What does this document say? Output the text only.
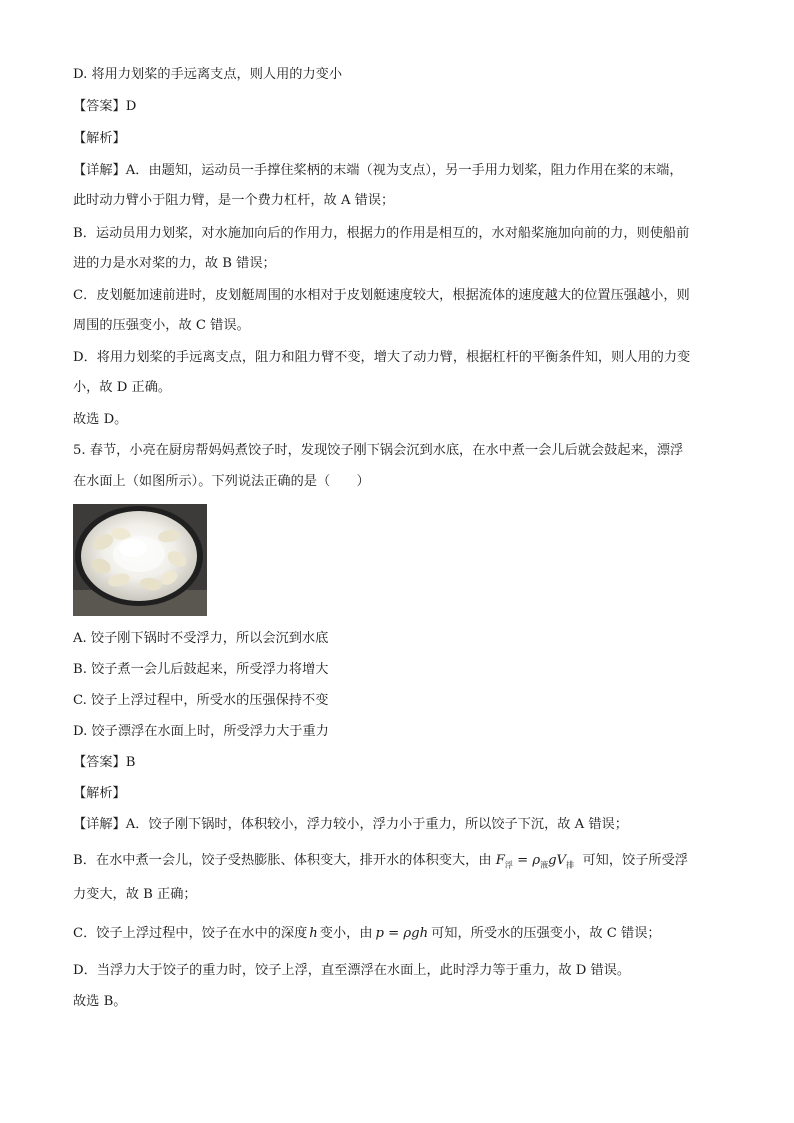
D. 将用力划桨的手远离支点，则人用的力变小
【答案】D
【解析】
【详解】A．由题知，运动员一手撑住桨柄的末端（视为支点），另一手用力划桨，阻力作用在桨的末端，
此时动力臂小于阻力臂，是一个费力杠杆，故 A 错误；
B．运动员用力划桨，对水施加向后的作用力，根据力的作用是相互的，水对船桨施加向前的力，则使船前
进的力是水对桨的力，故 B 错误；
C．皮划艇加速前进时，皮划艇周围的水相对于皮划艇速度较大，根据流体的速度越大的位置压强越小，则
周围的压强变小，故 C 错误。
D．将用力划桨的手远离支点，阻力和阻力臂不变，增大了动力臂，根据杠杆的平衡条件知，则人用的力变
小，故 D 正确。
故选 D。
5. 春节，小亮在厨房帮妈妈煮饺子时，发现饺子刚下锅会沉到水底，在水中煮一会儿后就会鼓起来，漂浮
在水面上（如图所示）。下列说法正确的是（　　）
A. 饺子刚下锅时不受浮力，所以会沉到水底
B. 饺子煮一会儿后鼓起来，所受浮力将增大
C. 饺子上浮过程中，所受水的压强保持不变
D. 饺子漂浮在水面上时，所受浮力大于重力
【答案】B
【解析】
【详解】A．饺子刚下锅时，体积较小，浮力较小，浮力小于重力，所以饺子下沉，故 A 错误；
B．在水中煮一会儿，饺子受热膨胀、体积变大，排开水的体积变大，由 $F_浮 = \rho_液gV_排$  可知，饺子所受浮
力变大，故 B 正确；
C．饺子上浮过程中，饺子在水中的深度 h 变小，由 p = ρgh 可知，所受水的压强变小，故 C 错误；
D．当浮力大于饺子的重力时，饺子上浮，直至漂浮在水面上，此时浮力等于重力，故 D 错误。
故选 B。
